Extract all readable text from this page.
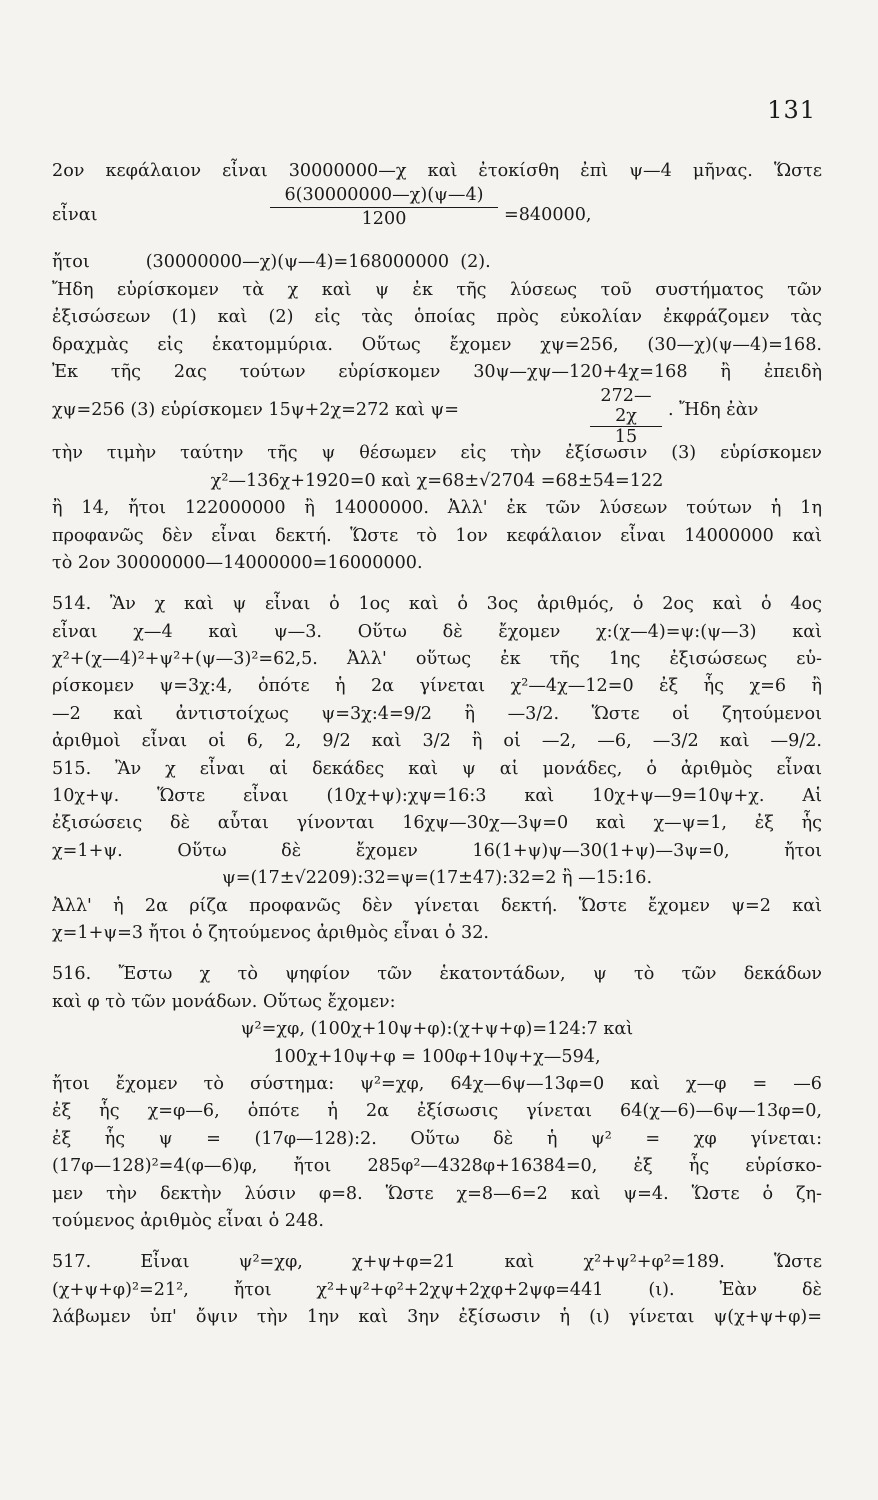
131
2ον κεφάλαιον εἶναι 30000000—χ καὶ ἐτοκίσθη ἐπὶ ψ—4 μῆνας. Ὥστε
εἶναι	$\frac{6(30000000—\chi)(\psi—4)}{1200} =840000$,
ἤτοι          (30000000—χ)(ψ—4)=168000000  (2).
Ἤδη εὑρίσκομεν τὰ χ καὶ ψ ἐκ τῆς λύσεως τοῦ συστήματος τῶν
ἐξισώσεων (1) καὶ (2) εἰς τὰς ὁποίας πρὸς εὐκολίαν ἐκφράζομεν τὰς
δραχμὰς εἰς ἑκατομμύρια. Οὕτως ἔχομεν χψ=256, (30—χ)(ψ—4)=168.
Ἐκ τῆς 2ας τούτων εὑρίσκομεν 30ψ—χψ—120+4χ=168 ἢ ἐπειδὴ
χψ=256 (3) εὑρίσκομεν 15ψ+2χ=272 καὶ ψ=	$\frac{272—2\chi}{15}$ . Ἤδη ἐὰν
τὴν τιμὴν ταύτην τῆς ψ θέσωμεν εἰς τὴν ἐξίσωσιν (3) εὑρίσκομεν
χ²—136χ+1920=0 καὶ χ=68±√2704 =68±54=122
ἢ 14, ἤτοι 122000000 ἢ 14000000. Ἀλλ' ἐκ τῶν λύσεων τούτων ἡ 1η
προφανῶς δὲν εἶναι δεκτή. Ὥστε τὸ 1ον κεφάλαιον εἶναι 14000000 καὶ
τὸ 2ον 30000000—14000000=16000000.
514. Ἂν χ καὶ ψ εἶναι ὁ 1ος καὶ ὁ 3ος ἀριθμός, ὁ 2ος καὶ ὁ 4ος
εἶναι χ—4 καὶ ψ—3. Οὕτω δὲ ἔχομεν χ:(χ—4)=ψ:(ψ—3) καὶ
χ²+(χ—4)²+ψ²+(ψ—3)²=62,5. Ἀλλ' οὕτως ἐκ τῆς 1ης ἐξισώσεως εὑ-
ρίσκομεν ψ=3χ:4, ὁπότε ἡ 2α γίνεται χ²—4χ—12=0 ἐξ ἧς χ=6 ἢ
—2 καὶ ἀντιστοίχως ψ=3χ:4=9/2 ἢ —3/2. Ὥστε οἱ ζητούμενοι
ἀριθμοὶ εἶναι οἱ 6, 2, 9/2 καὶ 3/2 ἢ οἱ —2, —6, —3/2 καὶ —9/2.
515. Ἂν χ εἶναι αἱ δεκάδες καὶ ψ αἱ μονάδες, ὁ ἀριθμὸς εἶναι
10χ+ψ. Ὥστε εἶναι (10χ+ψ):χψ=16:3 καὶ 10χ+ψ—9=10ψ+χ. Αἱ
ἐξισώσεις δὲ αὗται γίνονται 16χψ—30χ—3ψ=0 καὶ χ—ψ=1, ἐξ ἧς
χ=1+ψ. Οὕτω δὲ ἔχομεν 16(1+ψ)ψ—30(1+ψ)—3ψ=0, ἤτοι
ψ=(17±√2209):32=ψ=(17±47):32=2 ἢ —15:16.
Ἀλλ' ἡ 2α ρίζα προφανῶς δὲν γίνεται δεκτή. Ὥστε ἔχομεν ψ=2 καὶ
χ=1+ψ=3 ἤτοι ὁ ζητούμενος ἀριθμὸς εἶναι ὁ 32.
516. Ἔστω χ τὸ ψηφίον τῶν ἑκατοντάδων, ψ τὸ τῶν δεκάδων
καὶ φ τὸ τῶν μονάδων. Οὕτως ἔχομεν:
ψ²=χφ, (100χ+10ψ+φ):(χ+ψ+φ)=124:7 καὶ
100χ+10ψ+φ = 100φ+10ψ+χ—594,
ἤτοι ἔχομεν τὸ σύστημα: ψ²=χφ, 64χ—6ψ—13φ=0 καὶ χ—φ = —6
ἐξ ἧς χ=φ—6, ὁπότε ἡ 2α ἐξίσωσις γίνεται 64(χ—6)—6ψ—13φ=0,
ἐξ ἧς ψ = (17φ—128):2. Οὕτω δὲ ἡ ψ² = χφ γίνεται:
(17φ—128)²=4(φ—6)φ, ἤτοι 285φ²—4328φ+16384=0, ἐξ ἧς εὑρίσκο-
μεν τὴν δεκτὴν λύσιν φ=8. Ὥστε χ=8—6=2 καὶ ψ=4. Ὥστε ὁ ζη-
τούμενος ἀριθμὸς εἶναι ὁ 248.
517. Εἶναι ψ²=χφ, χ+ψ+φ=21 καὶ χ²+ψ²+φ²=189. Ὥστε
(χ+ψ+φ)²=21², ἤτοι χ²+ψ²+φ²+2χψ+2χφ+2ψφ=441 (ι). Ἐὰν δὲ
λάβωμεν ὑπ' ὄψιν τὴν 1ην καὶ 3ην ἐξίσωσιν ἡ (ι) γίνεται ψ(χ+ψ+φ)=
